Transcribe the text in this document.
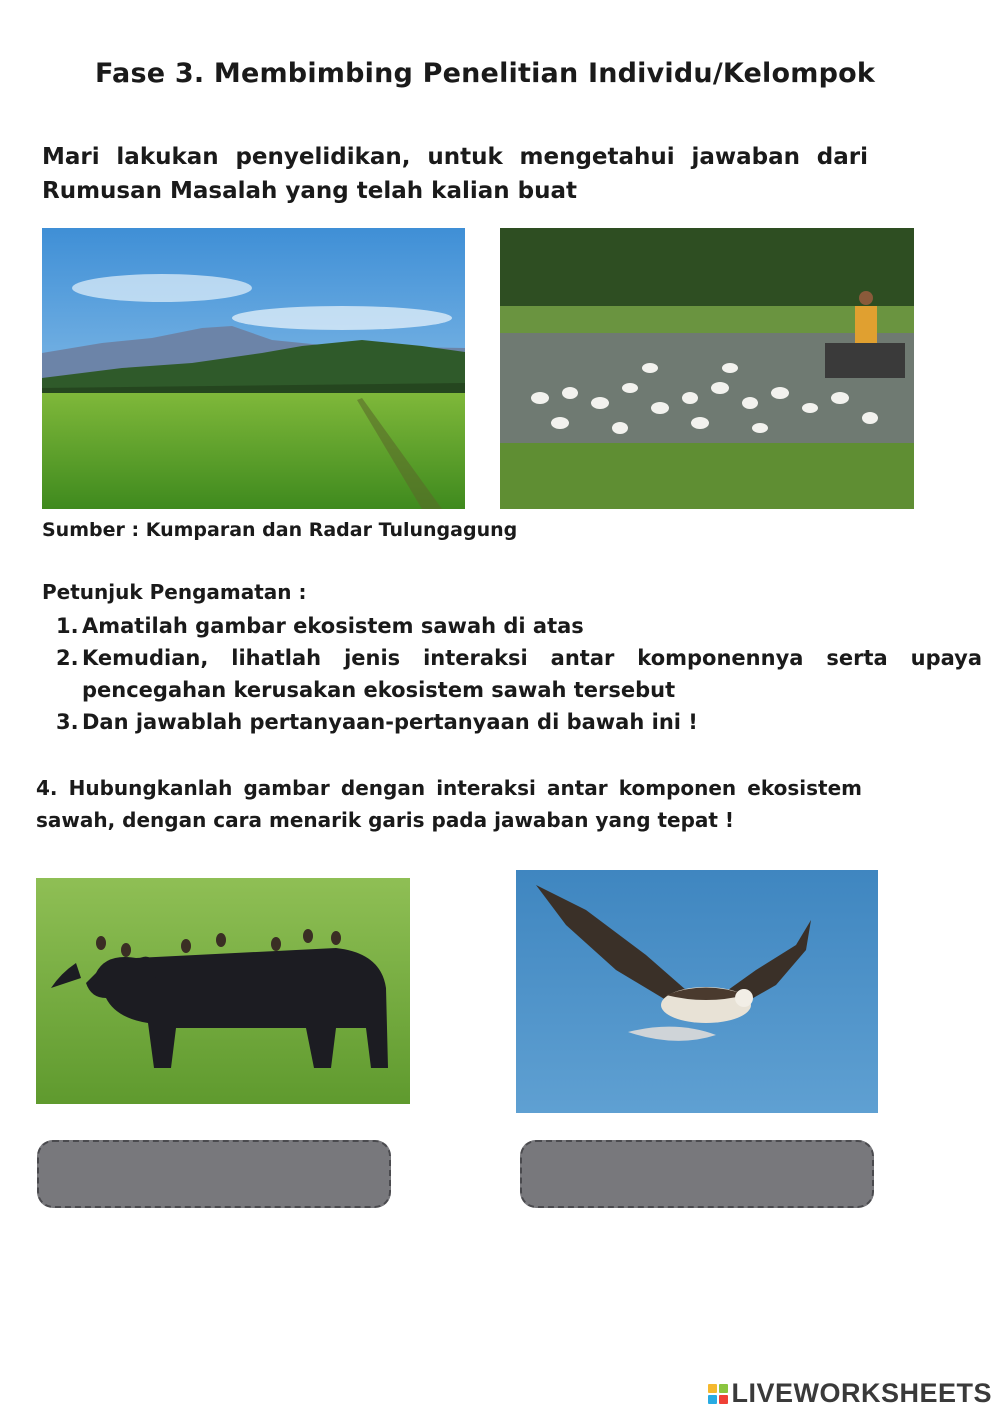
Fase 3. Membimbing Penelitian Individu/Kelompok
Mari lakukan penyelidikan, untuk mengetahui jawaban dari Rumusan Masalah yang telah kalian buat
Sumber : Kumparan dan Radar Tulungagung
Petunjuk Pengamatan :
1. Amatilah gambar ekosistem sawah di atas
2. Kemudian, lihatlah jenis interaksi antar komponennya serta upaya pencegahan kerusakan ekosistem sawah tersebut
3. Dan jawablah pertanyaan-pertanyaan di bawah ini !
4. Hubungkanlah gambar dengan interaksi antar komponen ekosistem sawah, dengan cara menarik garis pada jawaban yang tepat !
LIVEWORKSHEETS
